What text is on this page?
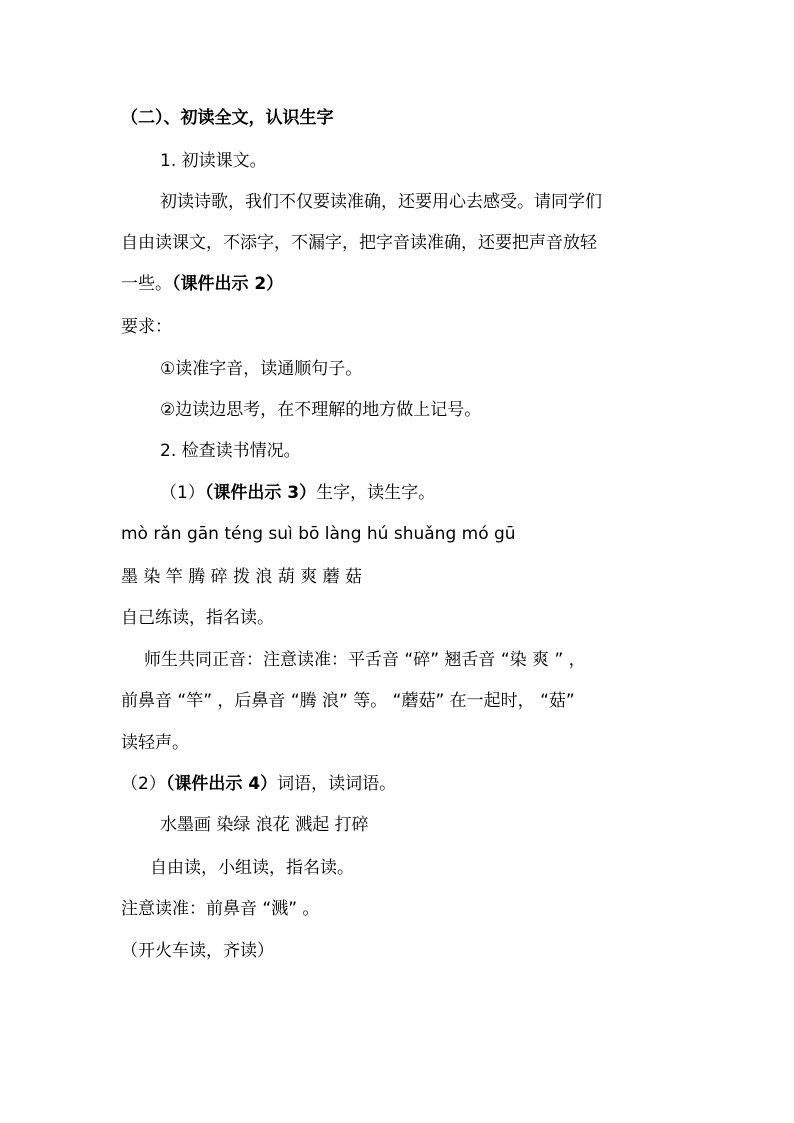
（二）、初读全文，认识生字
1. 初读课文。
初读诗歌，我们不仅要读准确，还要用心去感受。请同学们
自由读课文，不添字，不漏字，把字音读准确，还要把声音放轻
一些。（课件出示 2）
要求：
①读准字音，读通顺句子。
②边读边思考，在不理解的地方做上记号。
2. 检查读书情况。
（1）（课件出示 3）生字，读生字。
mò rǎn gān téng suì bō làng hú shuǎng mó gū
墨 染 竿 腾 碎 拨 浪 葫 爽 蘑 菇
自己练读，指名读。
师生共同正音：注意读准：平舌音 “碎” 翘舌音 “染 爽 ” ，
前鼻音 “竿” ，后鼻音 “腾 浪” 等。 “蘑菇” 在一起时， “菇”
读轻声。
（2）（课件出示 4）词语，读词语。
水墨画 染绿 浪花 溅起 打碎
自由读，小组读，指名读。
注意读准：前鼻音 “溅” 。
（开火车读，齐读）
